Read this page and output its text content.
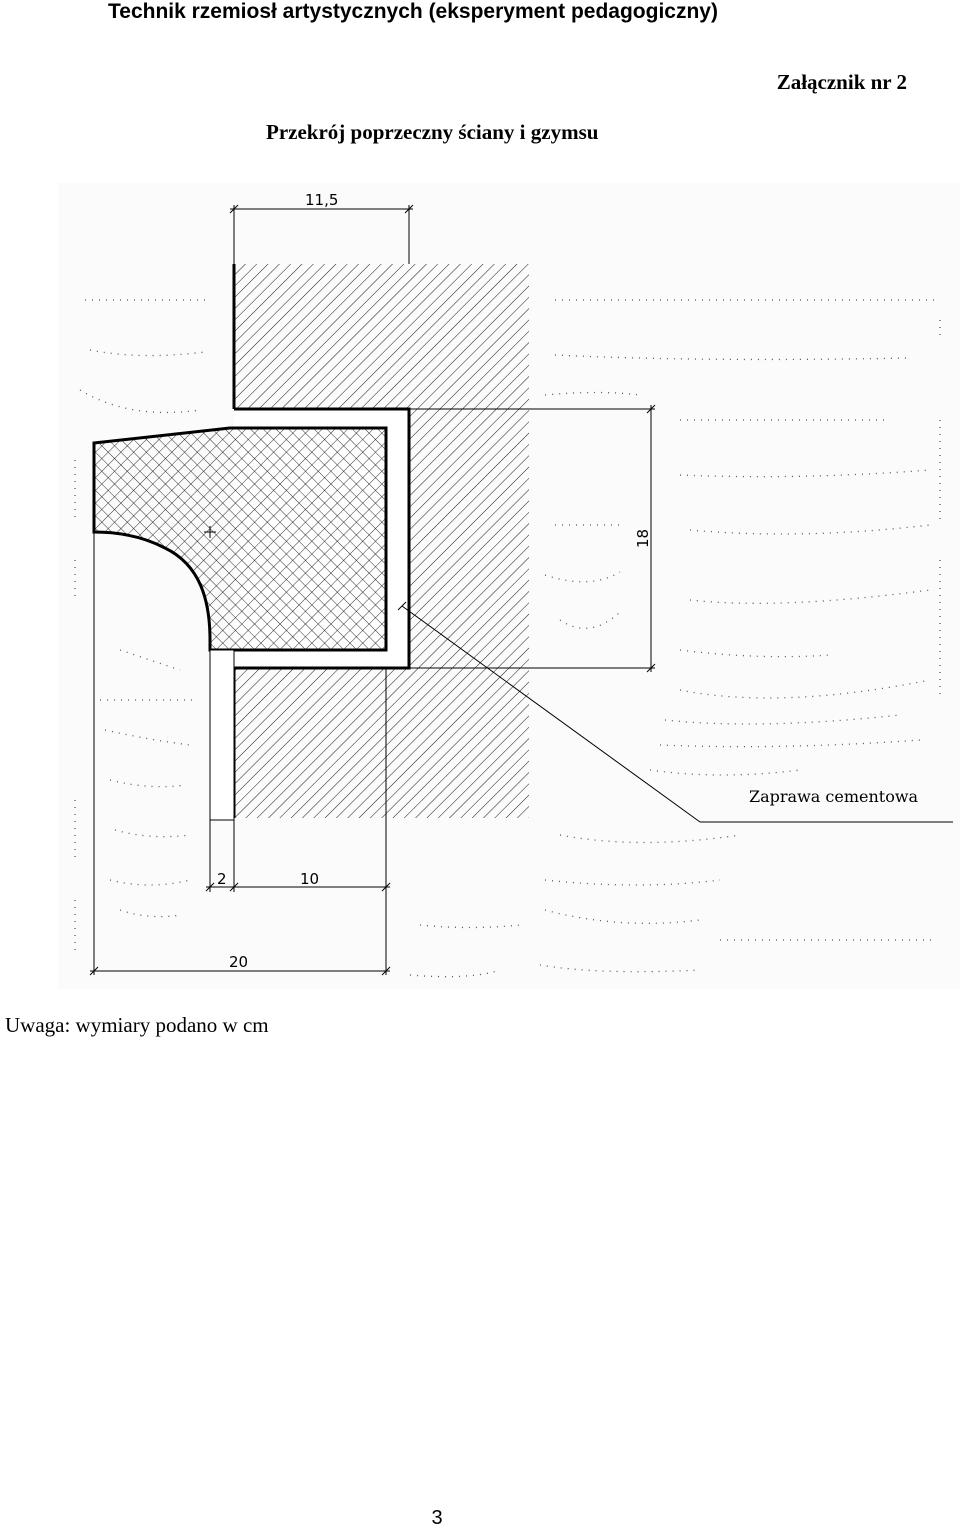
Technik rzemiosł artystycznych (eksperyment pedagogiczny)
Załącznik nr 2
Przekrój poprzeczny ściany i gzymsu
11,5
18
2	10
20
Zaprawa cementowa
Uwaga: wymiary podano w cm
3
